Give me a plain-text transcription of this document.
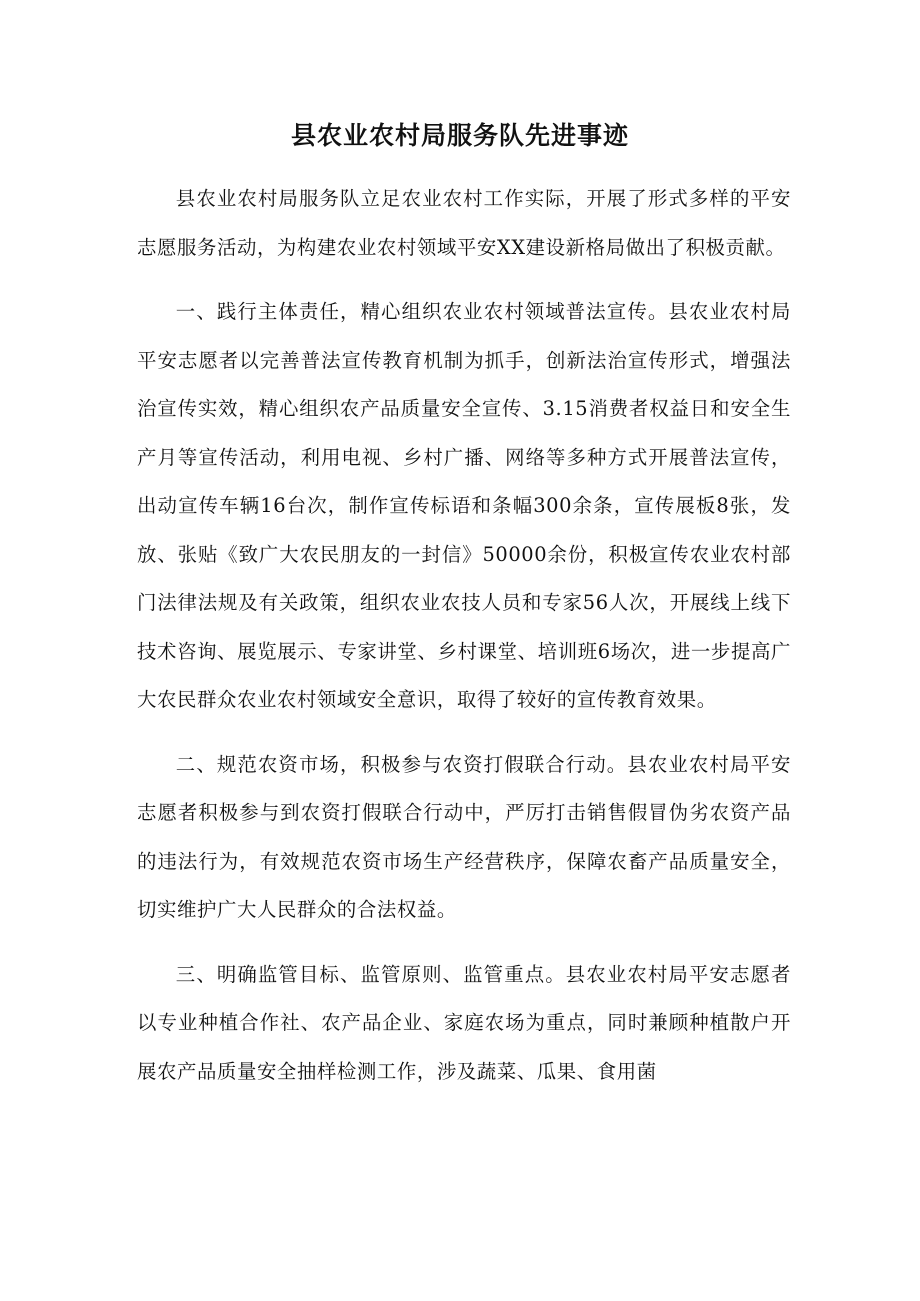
县农业农村局服务队先进事迹

县农业农村局服务队立足农业农村工作实际，开展了形式多样的平安志愿服务活动，为构建农业农村领域平安XX建设新格局做出了积极贡献。

一、践行主体责任，精心组织农业农村领域普法宣传。县农业农村局平安志愿者以完善普法宣传教育机制为抓手，创新法治宣传形式，增强法治宣传实效，精心组织农产品质量安全宣传、3.15消费者权益日和安全生产月等宣传活动，利用电视、乡村广播、网络等多种方式开展普法宣传，出动宣传车辆16台次，制作宣传标语和条幅300余条，宣传展板8张，发放、张贴《致广大农民朋友的一封信》50000余份，积极宣传农业农村部门法律法规及有关政策，组织农业农技人员和专家56人次，开展线上线下技术咨询、展览展示、专家讲堂、乡村课堂、培训班6场次，进一步提高广大农民群众农业农村领域安全意识，取得了较好的宣传教育效果。

二、规范农资市场，积极参与农资打假联合行动。县农业农村局平安志愿者积极参与到农资打假联合行动中，严厉打击销售假冒伪劣农资产品的违法行为，有效规范农资市场生产经营秩序，保障农畜产品质量安全，切实维护广大人民群众的合法权益。

三、明确监管目标、监管原则、监管重点。县农业农村局平安志愿者以专业种植合作社、农产品企业、家庭农场为重点，同时兼顾种植散户开展农产品质量安全抽样检测工作，涉及蔬菜、瓜果、食用菌
